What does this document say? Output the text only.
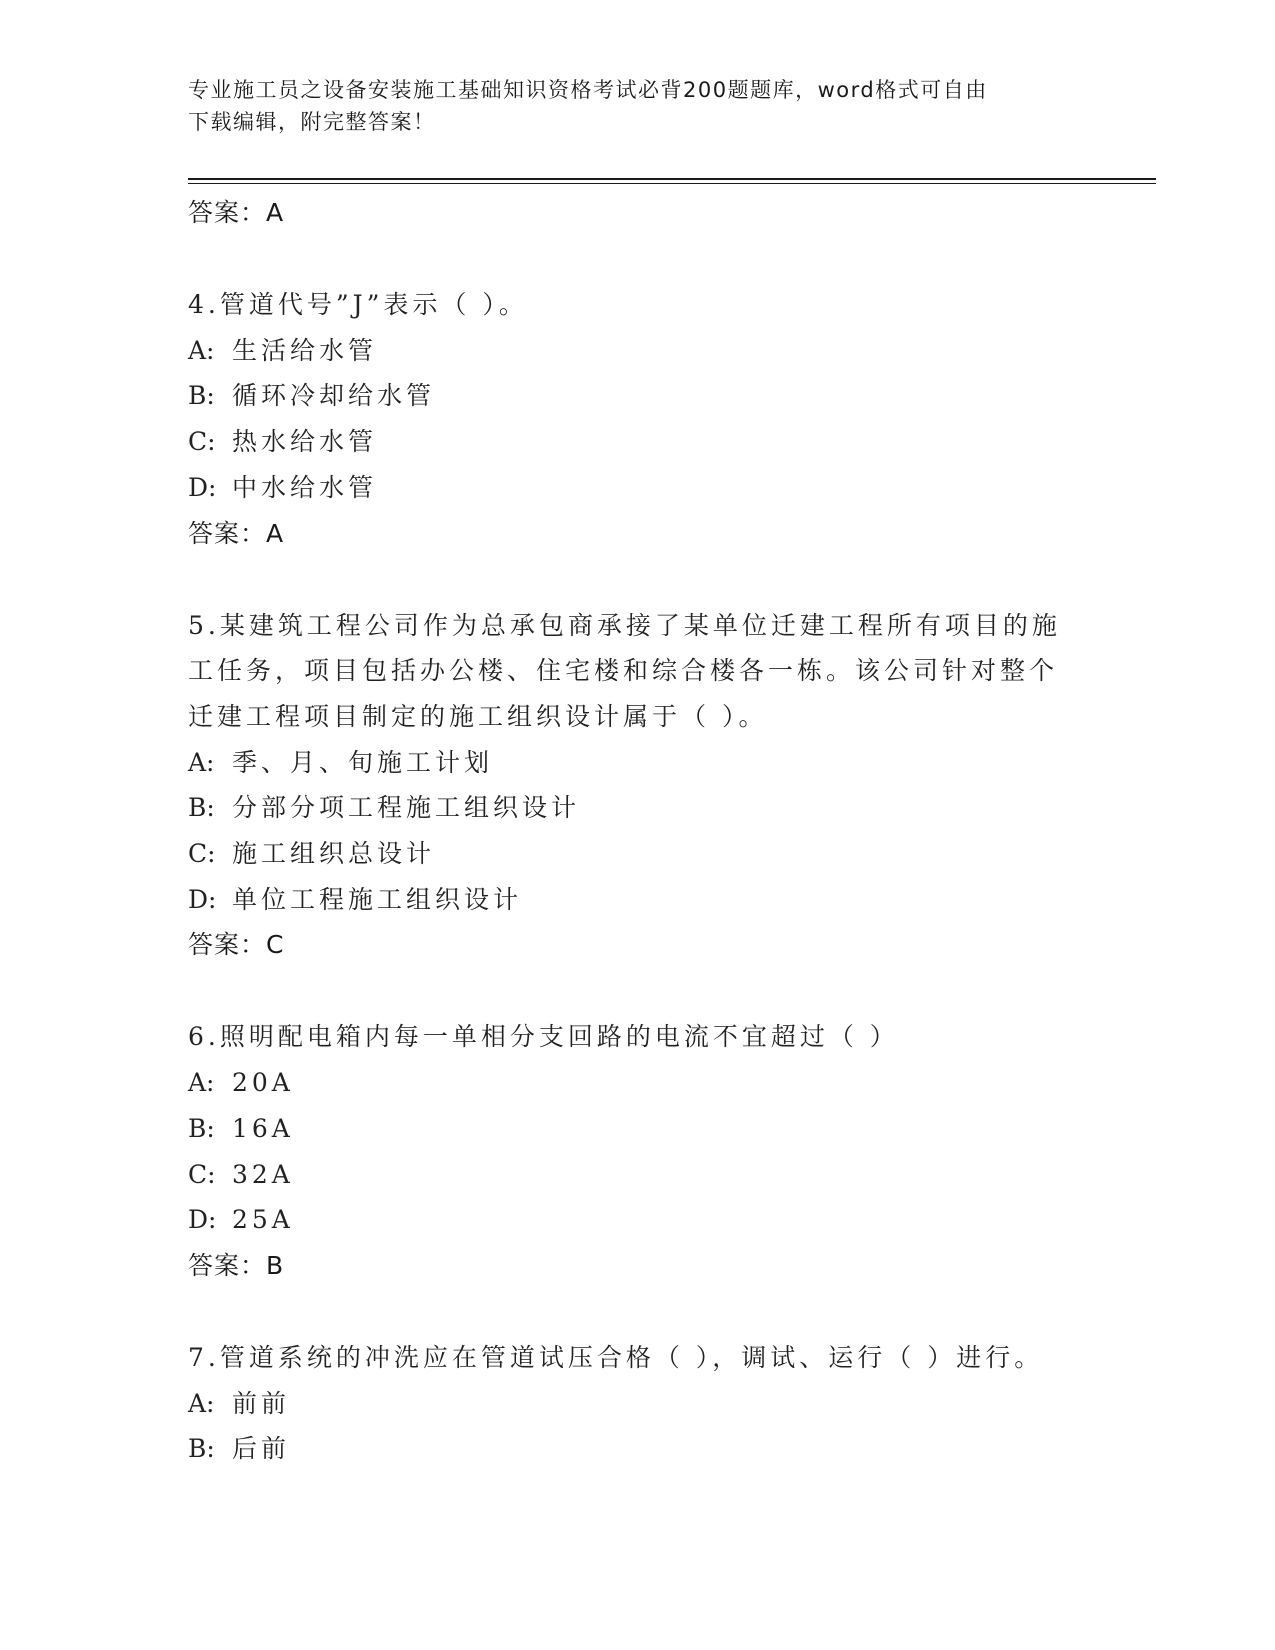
专业施工员之设备安装施工基础知识资格考试必背200题题库，word格式可自由
下载编辑，附完整答案！
答案：A
4.管道代号”J”表示（ ）。
A: 生活给水管
B: 循环冷却给水管
C: 热水给水管
D: 中水给水管
答案：A
5.某建筑工程公司作为总承包商承接了某单位迁建工程所有项目的施
工任务，项目包括办公楼、住宅楼和综合楼各一栋。该公司针对整个
迁建工程项目制定的施工组织设计属于（ ）。
A: 季、月、旬施工计划
B: 分部分项工程施工组织设计
C: 施工组织总设计
D: 单位工程施工组织设计
答案：C
6.照明配电箱内每一单相分支回路的电流不宜超过（ ）
A: 20A
B: 16A
C: 32A
D: 25A
答案：B
7.管道系统的冲洗应在管道试压合格（ ），调试、运行（ ）进行。
A: 前前
B: 后前
